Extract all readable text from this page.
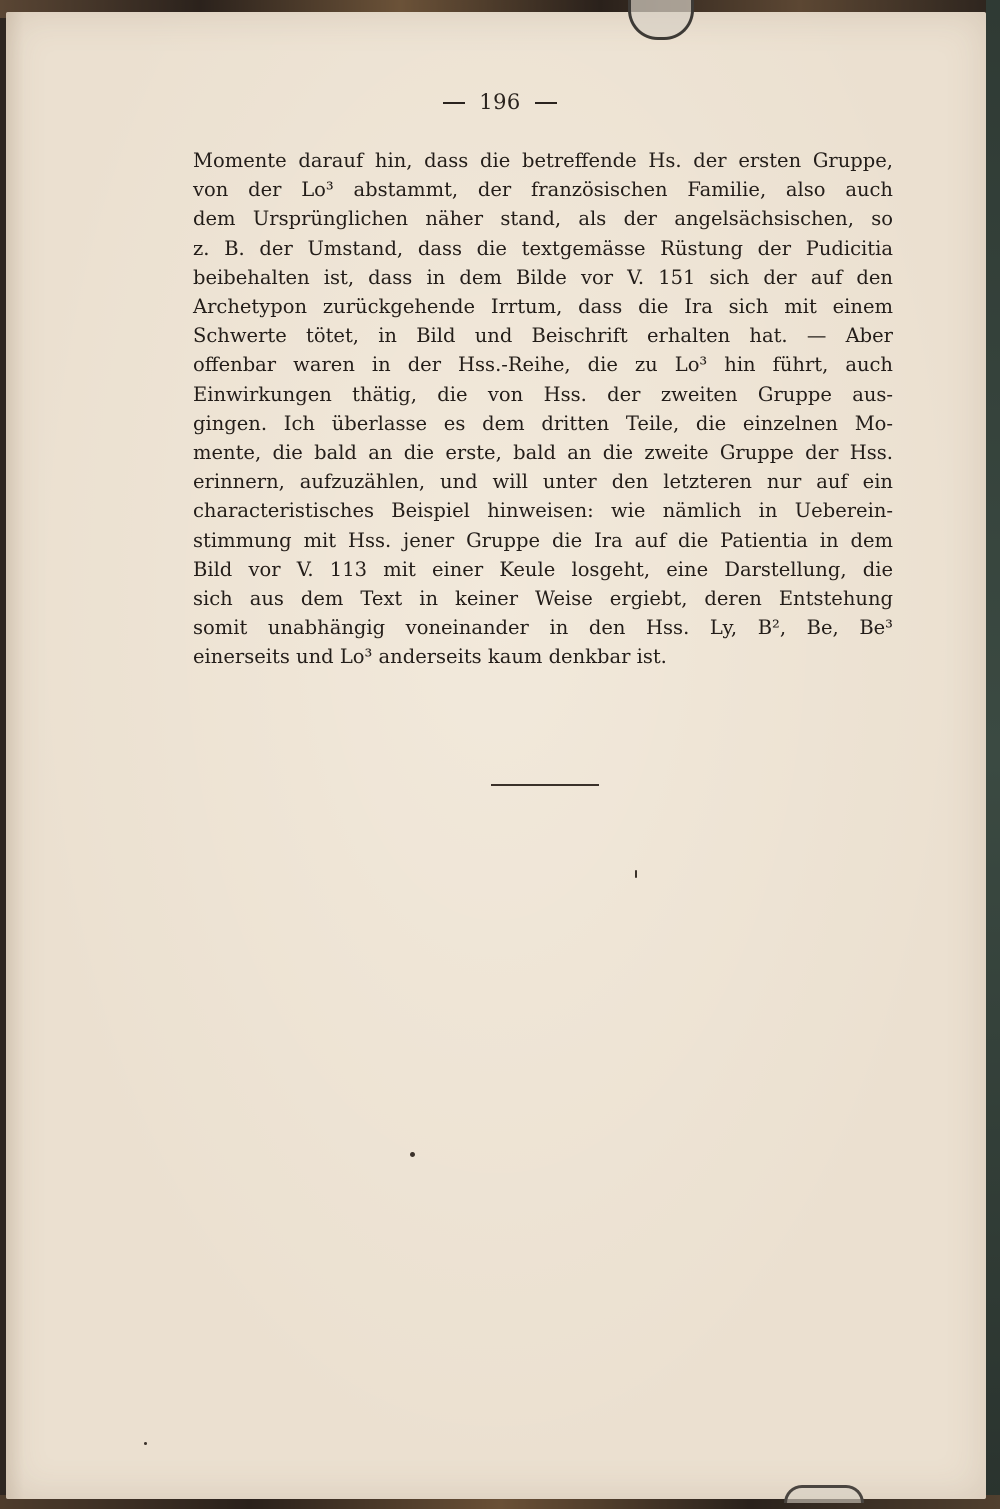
196
Momente darauf hin, dass die betreffende Hs. der ersten Gruppe,
von der Lo³ abstammt, der französischen Familie, also auch
dem Ursprünglichen näher stand, als der angelsächsischen, so
z. B. der Umstand, dass die textgemässe Rüstung der Pudicitia
beibehalten ist, dass in dem Bilde vor V. 151 sich der auf den
Archetypon zurückgehende Irrtum, dass die Ira sich mit einem
Schwerte tötet, in Bild und Beischrift erhalten hat. — Aber
offenbar waren in der Hss.-Reihe, die zu Lo³ hin führt, auch
Einwirkungen thätig, die von Hss. der zweiten Gruppe aus-
gingen. Ich überlasse es dem dritten Teile, die einzelnen Mo-
mente, die bald an die erste, bald an die zweite Gruppe der Hss.
erinnern, aufzuzählen, und will unter den letzteren nur auf ein
characteristisches Beispiel hinweisen: wie nämlich in Ueberein-
stimmung mit Hss. jener Gruppe die Ira auf die Patientia in dem
Bild vor V. 113 mit einer Keule losgeht, eine Darstellung, die
sich aus dem Text in keiner Weise ergiebt, deren Entstehung
somit unabhängig voneinander in den Hss. Ly, B², Be, Be³
einerseits und Lo³ anderseits kaum denkbar ist.
